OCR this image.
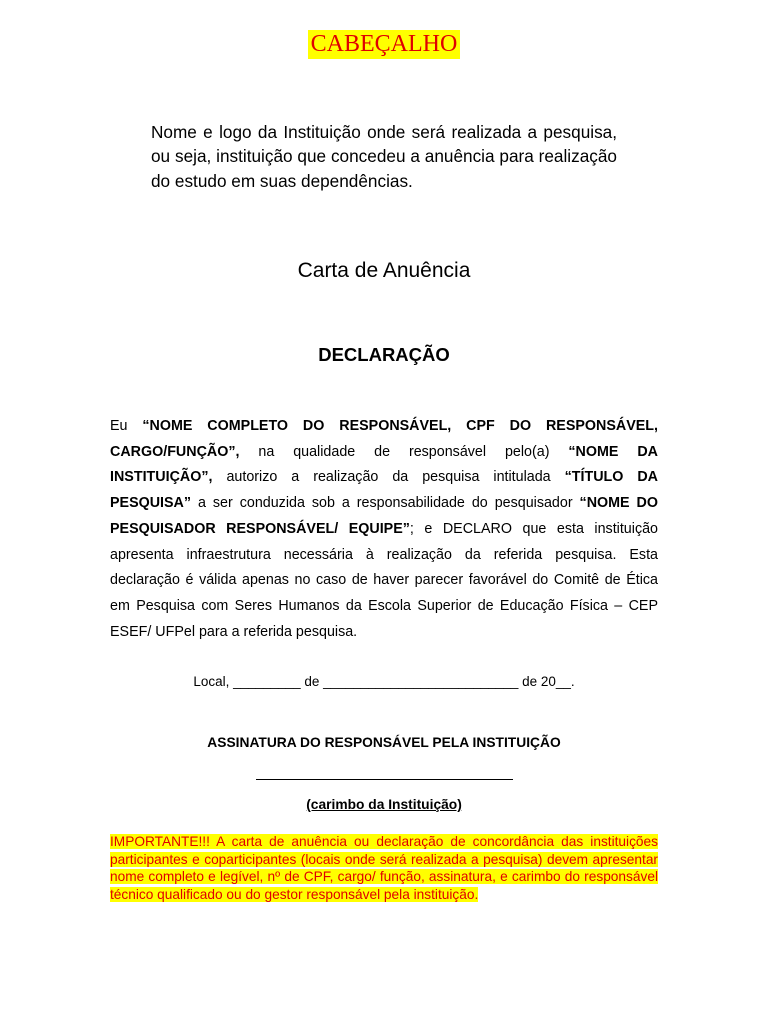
CABEÇALHO
Nome e logo da Instituição onde será realizada a pesquisa, ou seja, instituição que concedeu a anuência para realização do estudo em suas dependências.
Carta de Anuência
DECLARAÇÃO
Eu “NOME COMPLETO DO RESPONSÁVEL, CPF DO RESPONSÁVEL, CARGO/FUNÇÃO”, na qualidade de responsável pelo(a) “NOME DA INSTITUIÇÃO”, autorizo a realização da pesquisa intitulada “TÍTULO DA PESQUISA” a ser conduzida sob a responsabilidade do pesquisador “NOME DO PESQUISADOR RESPONSÁVEL/ EQUIPE”; e DECLARO que esta instituição apresenta infraestrutura necessária à realização da referida pesquisa. Esta declaração é válida apenas no caso de haver parecer favorável do Comitê de Ética em Pesquisa com Seres Humanos da Escola Superior de Educação Física – CEP ESEF/ UFPel para a referida pesquisa.
Local, _________ de __________________________ de 20__.
ASSINATURA DO RESPONSÁVEL PELA INSTITUIÇÃO
(carimbo da Instituição)
IMPORTANTE!!! A carta de anuência ou declaração de concordância das instituições participantes e coparticipantes (locais onde será realizada a pesquisa) devem apresentar nome completo e legível, nº de CPF, cargo/ função, assinatura, e carimbo do responsável técnico qualificado ou do gestor responsável pela instituição.
